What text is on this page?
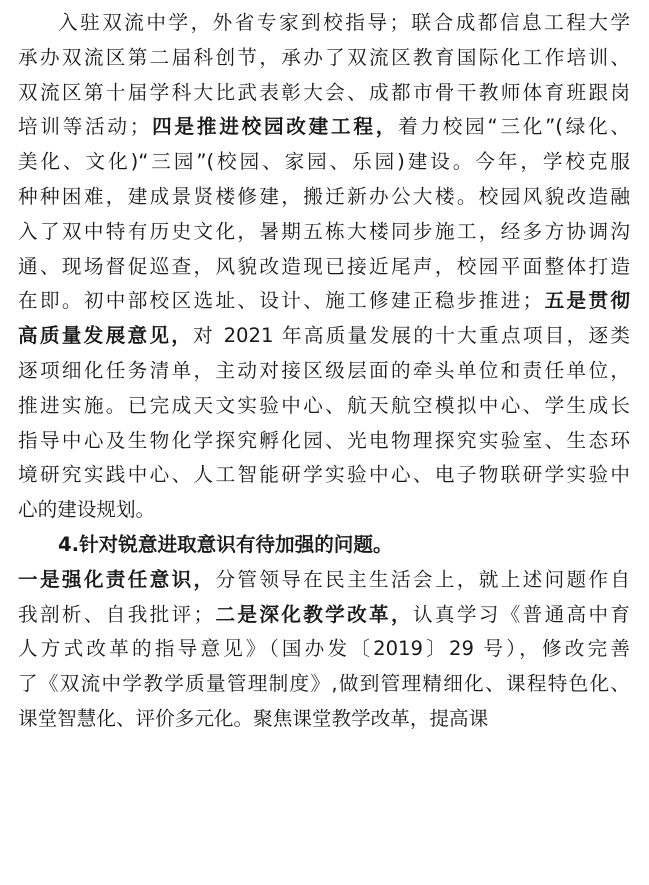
入驻双流中学，外省专家到校指导；联合成都信息工程大学
承办双流区第二届科创节，承办了双流区教育国际化工作培训、
双流区第十届学科大比武表彰大会、成都市骨干教师体育班跟岗
培训等活动；四是推进校园改建工程，着力校园“三化”(绿化、
美化、文化)“三园”(校园、家园、乐园)建设。今年，学校克服
种种困难，建成景贤楼修建，搬迁新办公大楼。校园风貌改造融
入了双中特有历史文化，暑期五栋大楼同步施工，经多方协调沟
通、现场督促巡查，风貌改造现已接近尾声，校园平面整体打造
在即。初中部校区选址、设计、施工修建正稳步推进；五是贯彻
高质量发展意见，对 2021 年高质量发展的十大重点项目，逐类
逐项细化任务清单，主动对接区级层面的牵头单位和责任单位，
推进实施。已完成天文实验中心、航天航空模拟中心、学生成长
指导中心及生物化学探究孵化园、光电物理探究实验室、生态环
境研究实践中心、人工智能研学实验中心、电子物联研学实验中
心的建设规划。
4.针对锐意进取意识有待加强的问题。
一是强化责任意识，分管领导在民主生活会上，就上述问题作自
我剖析、自我批评；二是深化教学改革，认真学习《普通高中育
人方式改革的指导意见》（国办发〔2019〕29 号），修改完善
了《双流中学教学质量管理制度》,做到管理精细化、课程特色化、
课堂智慧化、评价多元化。聚焦课堂教学改革，提高课
